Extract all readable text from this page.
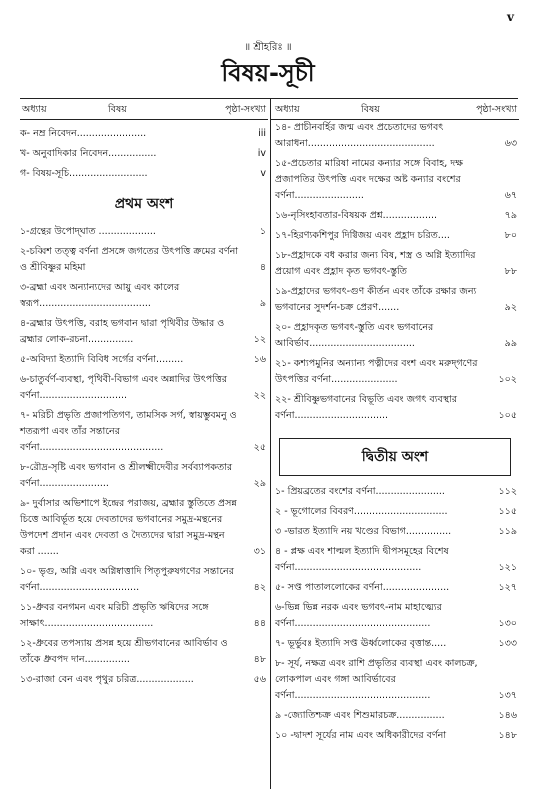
v
॥ শ্রীহরিঃ ॥
বিষয়-সূচী
অধ্যায়	বিষয়	পৃষ্ঠা-সংখ্যা
ক- নম্র নিবেদন.......................	iii
খ- অনুবাদিকার নিবেদন................	iv
গ- বিষয়-সূচি..........................	v
প্রথম অংশ
১-গ্রন্থের উপোদ্‌ঘাত ...................	১
২-চব্বিশ তত্ত্ব বর্ণনা প্রসঙ্গে জগতের উৎপত্তি ক্রমের বর্ণনা ও শ্রীবিষ্ণুর মহিমা	৪
৩-ব্রহ্মা এবং অন্যান্যদের আয়ু এবং কালের স্বরূপ.....................................	৯
৪-ব্রহ্মার উৎপত্তি, বরাহ ভগবান দ্বারা পৃথিবীর উদ্ধার ও ব্রহ্মার লোক-রচনা...............	১২
৫-অবিদ্যা ইত্যাদি বিবিধ সর্গের বর্ণনা.........	১৬
৬-চাতুর্বর্ণ-ব্যবস্থা, পৃথিবী-বিভাগ এবং অন্নাদির উৎপত্তির বর্ণনা.............................	২২
৭- মরিচী প্রভৃতি প্রজাপতিগণ, তামসিক সর্গ, স্বায়ম্ভুবমনু ও শতরূপা এবং তাঁর সন্তানের বর্ণনা.........................................	২৫
৮-রৌদ্র-সৃষ্টি এবং ভগবান ও শ্রীলক্ষ্মীদেবীর সর্বব্যাপকতার বর্ণনা.......................	২৯
৯- দুর্বাসার অভিশাপে ইন্দ্রের পরাজয়, ব্রহ্মার স্তুতিতে প্রসন্ন চিত্তে আবির্ভূত হয়ে দেবতাদের ভগবানের সমুদ্র-মন্থনের উপদেশ প্রদান এবং দেবতা ও দৈত্যদের দ্বারা সমুদ্র-মন্থন করা .......	৩১
১০- ভৃগু, অগ্নি এবং অগ্নিষ্বাত্তাদি পিতৃপুরুষগণের সন্তানের বর্ণনা.................................	৪২
১১-ধ্রুবর বনগমন এবং মরিচী প্রভৃতি ঋষিদের সঙ্গে সাক্ষাৎ....................................	৪৪
১২-ধ্রুবের তপস্যায় প্রসন্ন হয়ে শ্রীভগবানের আবির্ভাব ও তাঁকে ধ্রুবপদ দান...............	৪৮
১৩-রাজা বেন এবং পৃথুর চরিত্র...................	৫৬
অধ্যায়	বিষয়	পৃষ্ঠা-সংখ্যা
১৪- প্রাচীনবর্হির জন্ম এবং প্রচেতাদের ভগবৎ আরাধনা..........................................	৬৩
১৫-প্রচেতার মারিষা নামের কন্যার সঙ্গে বিবাহ, দক্ষ প্রজাপতির উৎপত্তি এবং দক্ষের অষ্ট কন্যার বংশের বর্ণনা.......................	৬৭
১৬-নৃসিংহাবতার-বিষয়ক প্রশ্ন..................	৭৯
১৭-হিরণ্যকশিপুর দিগ্বিজয় এবং প্রহ্লাদ চরিত....	৮০
১৮-প্রহ্লাদকে বধ করার জন্য বিষ, শস্ত্র ও অগ্নি ইত্যাদির প্রয়োগ এবং প্রহ্লাদ কৃত ভগবৎ-স্তুতি	৮৮
১৯-প্রহ্লাদের ভগবৎ-গুণ কীর্তন এবং তাঁকে রক্ষার জন্য ভগবানের সুদর্শন-চক্র প্রেরণ.......	৯২
২০- প্রহ্লাদকৃত ভগবৎ-স্তুতি এবং ভগবানের আবির্ভাব...................................	৯৯
২১- কশ্যপমুনির অন্যান্য পত্নীদের বংশ এবং মরুদ্‌গণের উৎপত্তির বর্ণনা......................	১০২
২২- শ্রীবিষ্ণুভগবানের বিভূতি এবং জগৎ ব্যবস্থার বর্ণনা...............................	১০৫
দ্বিতীয় অংশ
১- প্রিয়ব্রতের বংশের বর্ণনা.......................	১১২
২ - ভূগোলের বিবরণ...............................	১১৫
৩ -ভারত ইত্যাদি নয় খণ্ডের বিভাগ...............	১১৯
৪ - প্লক্ষ এবং শাল্মল ইত্যাদি দ্বীপসমূহের বিশেষ বর্ণনা..........................................	১২১
৫- সপ্ত পাতাললোকের বর্ণনা......................	১২৭
৬-ভিন্ন ভিন্ন নরক এবং ভগবৎ-নাম মাহাত্ম্যের বর্ণনা.............................................	১৩০
৭- ভূর্ভুবঃ ইত্যাদি সপ্ত ঊর্ধ্বলোকের বৃত্তান্ত.....	১৩৩
৮- সূর্য, নক্ষত্র এবং রাশি প্রভৃতির ব্যবস্থা এবং কালচক্র, লোকপাল এবং গঙ্গা আবির্ভাবের বর্ণনা.............................................	১৩৭
৯ -জ্যোতিশ্চক্র এবং শিশুমারচক্র................	১৪৬
১০ -দ্বাদশ সূর্যের নাম এবং অধিকারীদের বর্ণনা	১৪৮
